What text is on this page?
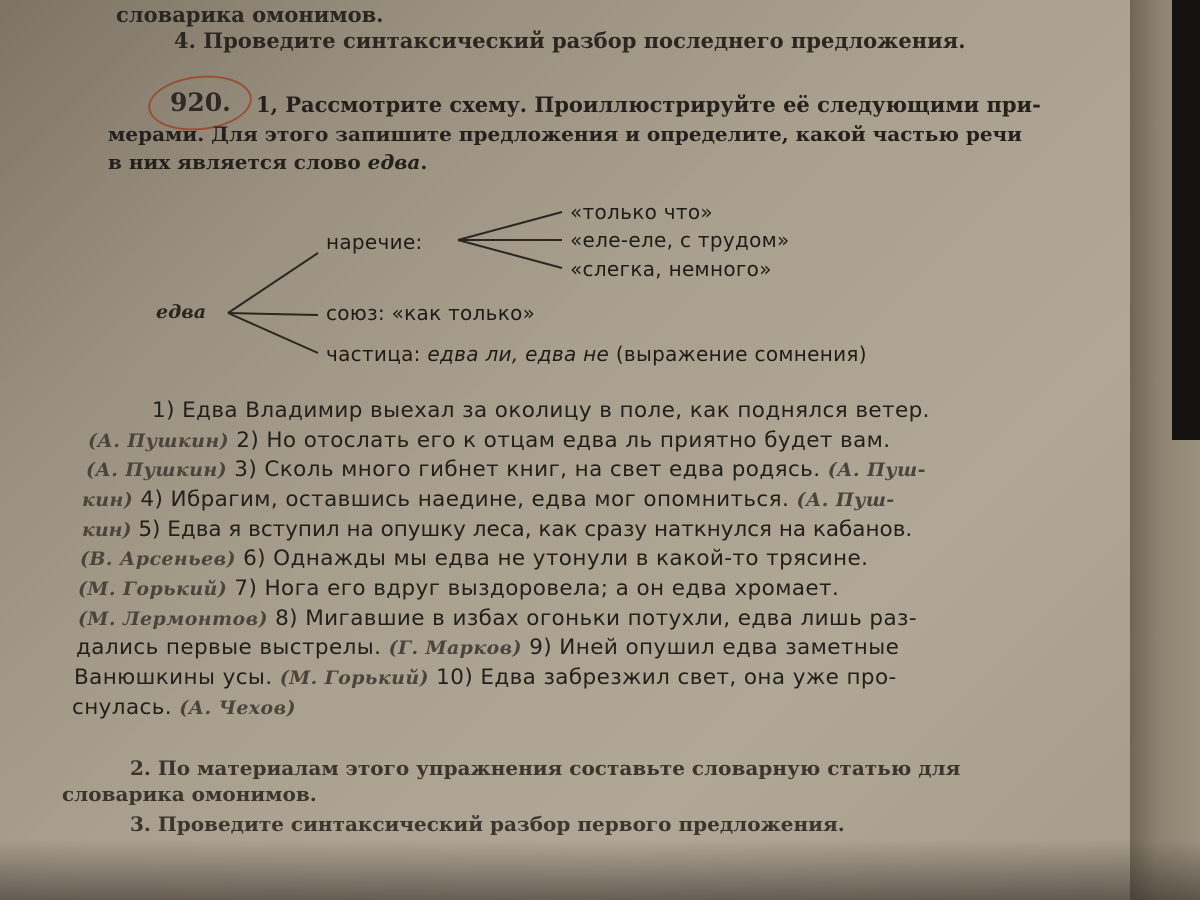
словарика омонимов.
4. Проведите синтаксический разбор последнего предложения.
920. 1, Рассмотрите схему. Проиллюстрируйте её следующими при-
мерами. Для этого запишите предложения и определите, какой частью речи
в них является слово едва.
едва
наречие:
«только что»
«еле-еле, с трудом»
«слегка, немного»
союз: «как только»
частица: едва ли, едва не (выражение сомнения)
1) Едва Владимир выехал за околицу в поле, как поднялся ветер.
(А. Пушкин) 2) Но отослать его к отцам едва ль приятно будет вам.
(А. Пушкин) 3) Сколь много гибнет книг, на свет едва родясь. (А. Пуш-
кин) 4) Ибрагим, оставшись наедине, едва мог опомниться. (А. Пуш-
кин) 5) Едва я вступил на опушку леса, как сразу наткнулся на кабанов.
(В. Арсеньев) 6) Однажды мы едва не утонули в какой-то трясине.
(М. Горький) 7) Нога его вдруг выздоровела; а он едва хромает.
(М. Лермонтов) 8) Мигавшие в избах огоньки потухли, едва лишь раз-
дались первые выстрелы. (Г. Марков) 9) Иней опушил едва заметные
Ванюшкины усы. (М. Горький) 10) Едва забрезжил свет, она уже про-
снулась. (А. Чехов)
2. По материалам этого упражнения составьте словарную статью для
словарика омонимов.
3. Проведите синтаксический разбор первого предложения.
